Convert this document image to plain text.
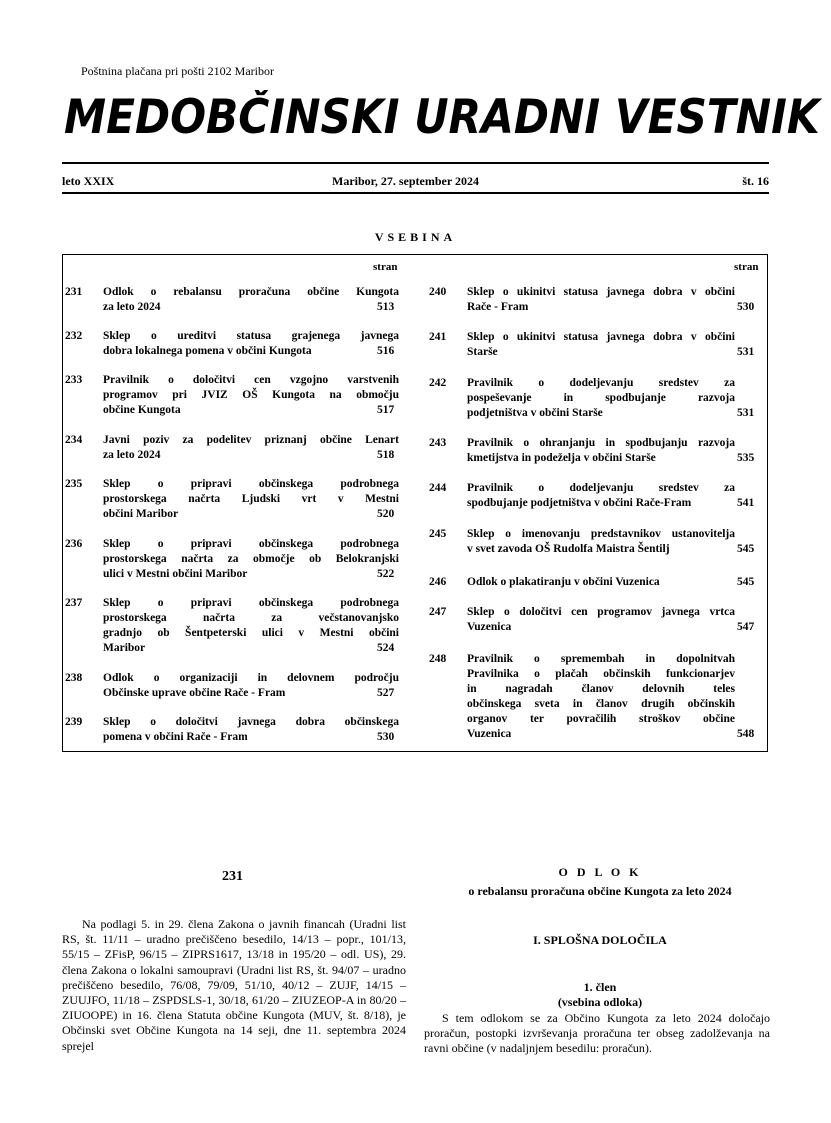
Poštnina plačana pri pošti 2102 Maribor
MEDOBČINSKI URADNI VESTNIK
leto XXIX	Maribor, 27. september 2024	št. 16
VSEBINA
stran	stran
231 Odlok o rebalansu proračuna občine Kungota
za leto 2024	513
232 Sklep o ureditvi statusa grajenega javnega
dobra lokalnega pomena v občini Kungota	516
233 Pravilnik o določitvi cen vzgojno varstvenih
programov pri JVIZ OŠ Kungota na območju
občine Kungota	517
234 Javni poziv za podelitev priznanj občine Lenart
za leto 2024	518
235 Sklep o pripravi občinskega podrobnega
prostorskega načrta Ljudski vrt v Mestni
občini Maribor	520
236 Sklep o pripravi občinskega podrobnega
prostorskega načrta za območje ob Belokranjski
ulici v Mestni občini Maribor	522
237 Sklep o pripravi občinskega podrobnega
prostorskega načrta za večstanovanjsko
gradnjo ob Šentpeterski ulici v Mestni občini
Maribor	524
238 Odlok o organizaciji in delovnem področju
Občinske uprave občine Rače - Fram	527
239 Sklep o določitvi javnega dobra občinskega
pomena v občini Rače - Fram	530
240 Sklep o ukinitvi statusa javnega dobra v občini
Rače - Fram	530
241 Sklep o ukinitvi statusa javnega dobra v občini
Starše	531
242 Pravilnik o dodeljevanju sredstev za
pospeševanje in spodbujanje razvoja
podjetništva v občini Starše	531
243 Pravilnik o ohranjanju in spodbujanju razvoja
kmetijstva in podeželja v občini Starše	535
244 Pravilnik o dodeljevanju sredstev za
spodbujanje podjetništva v občini Rače-Fram	541
245 Sklep o imenovanju predstavnikov ustanovitelja
v svet zavoda OŠ Rudolfa Maistra Šentilj	545
246 Odlok o plakatiranju v občini Vuzenica	545
247 Sklep o določitvi cen programov javnega vrtca
Vuzenica	547
248 Pravilnik o spremembah in dopolnitvah
Pravilnika o plačah občinskih funkcionarjev
in nagradah članov delovnih teles
občinskega sveta in članov drugih občinskih
organov ter povračilih stroškov občine
Vuzenica	548
231
Na podlagi 5. in 29. člena Zakona o javnih financah (Uradni list RS, št. 11/11 – uradno prečiščeno besedilo, 14/13 – popr., 101/13, 55/15 – ZFisP, 96/15 – ZIPRS1617, 13/18 in 195/20 – odl. US), 29. člena Zakona o lokalni samoupravi (Uradni list RS, št. 94/07 – uradno prečiščeno besedilo, 76/08, 79/09, 51/10, 40/12 – ZUJF, 14/15 – ZUUJFO, 11/18 – ZSPDSLS-1, 30/18, 61/20 – ZIUZEOP-A in 80/20 – ZIUOOPE) in 16. člena Statuta občine Kungota (MUV, št. 8/18), je Občinski svet Občine Kungota na 14 seji, dne 11. septembra 2024 sprejel
O D L O K
o rebalansu proračuna občine Kungota za leto 2024
I. SPLOŠNA DOLOČILA
1. člen
(vsebina odloka)
S tem odlokom se za Občino Kungota za leto 2024 določajo proračun, postopki izvrševanja proračuna ter obseg zadolževanja na ravni občine (v nadaljnjem besedilu: proračun).
